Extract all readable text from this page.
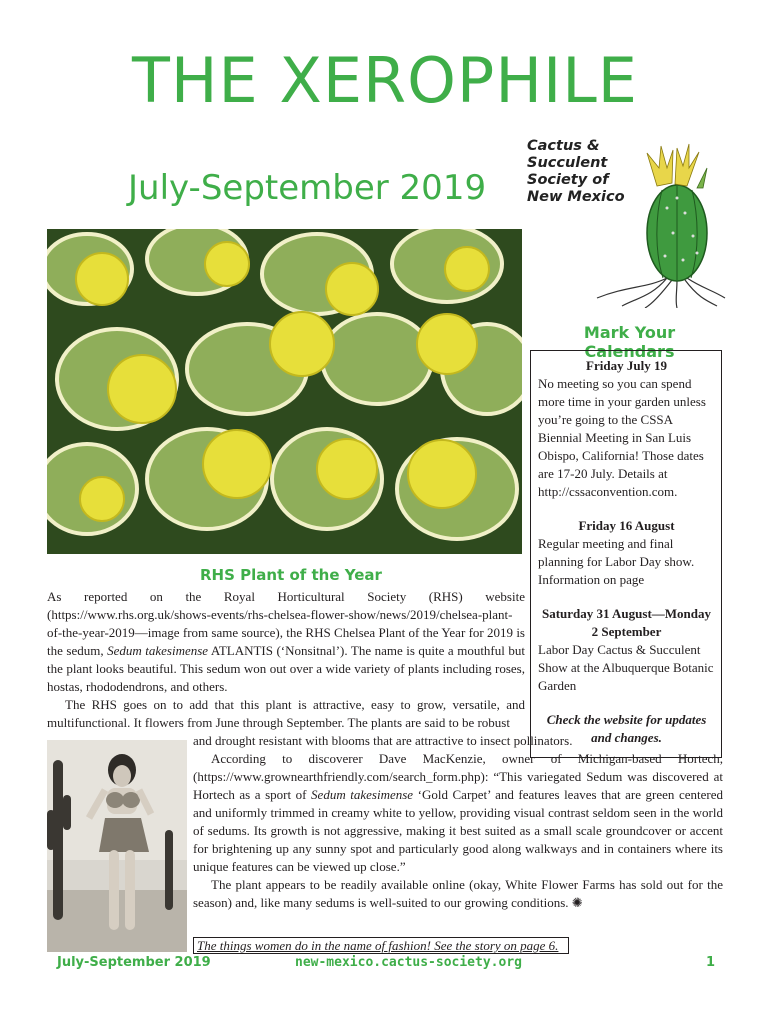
THE XEROPHILE
July-September 2019
Cactus &
Succulent
Society of
New Mexico
Mark Your Calendars
Friday July 19
No meeting so you can spend more time in your garden unless you’re going to the CSSA Biennial Meeting in San Luis Obispo, California! Those dates are 17-20 July. Details at http://cssaconvention.com.
Friday 16 August
Regular meeting and final planning for Labor Day show. Information on page
Saturday 31 August—Monday 2 September
Labor Day Cactus & Succulent Show at the Albuquerque Botanic Garden
Check the website for updates and changes.
RHS Plant of the Year

As reported on the Royal Horticultural Society (RHS) website (https://www.rhs.org.uk/shows-events/rhs-chelsea-flower-show/news/2019/chelsea-plant-of-the-year-2019—image from same source), the RHS Chelsea Plant of the Year for 2019 is the sedum, Sedum takesimense ATLANTIS (‘Nonsitnal’). The name is quite a mouthful but the plant looks beautiful. This sedum won out over a wide variety of plants including roses, hostas, rhododendrons, and others.

The RHS goes on to add that this plant is attractive, easy to grow, versatile, and multifunctional. It flowers from June through September. The plants are said to be robust

and drought resistant with blooms that are attractive to insect pollinators.

According to discoverer Dave MacKenzie, owner of Michigan-based Hortech, (https://www.grownearthfriendly.com/search_form.php): “This variegated Sedum was discovered at Hortech as a sport of Sedum takesimense ‘Gold Carpet’ and features leaves that are green centered and uniformly trimmed in creamy white to yellow, providing visual contrast seldom seen in the world of sedums. Its growth is not aggressive, making it best suited as a small scale groundcover or accent for brightening up any sunny spot and particularly good along walkways and in containers where its unique features can be viewed up close.”

The plant appears to be readily available online (okay, White Flower Farms has sold out for the season) and, like many sedums is well-suited to our growing conditions. ✺

The things women do in the name of fashion! See the story on page 6.
July-September 2019	new-mexico.cactus-society.org	1
